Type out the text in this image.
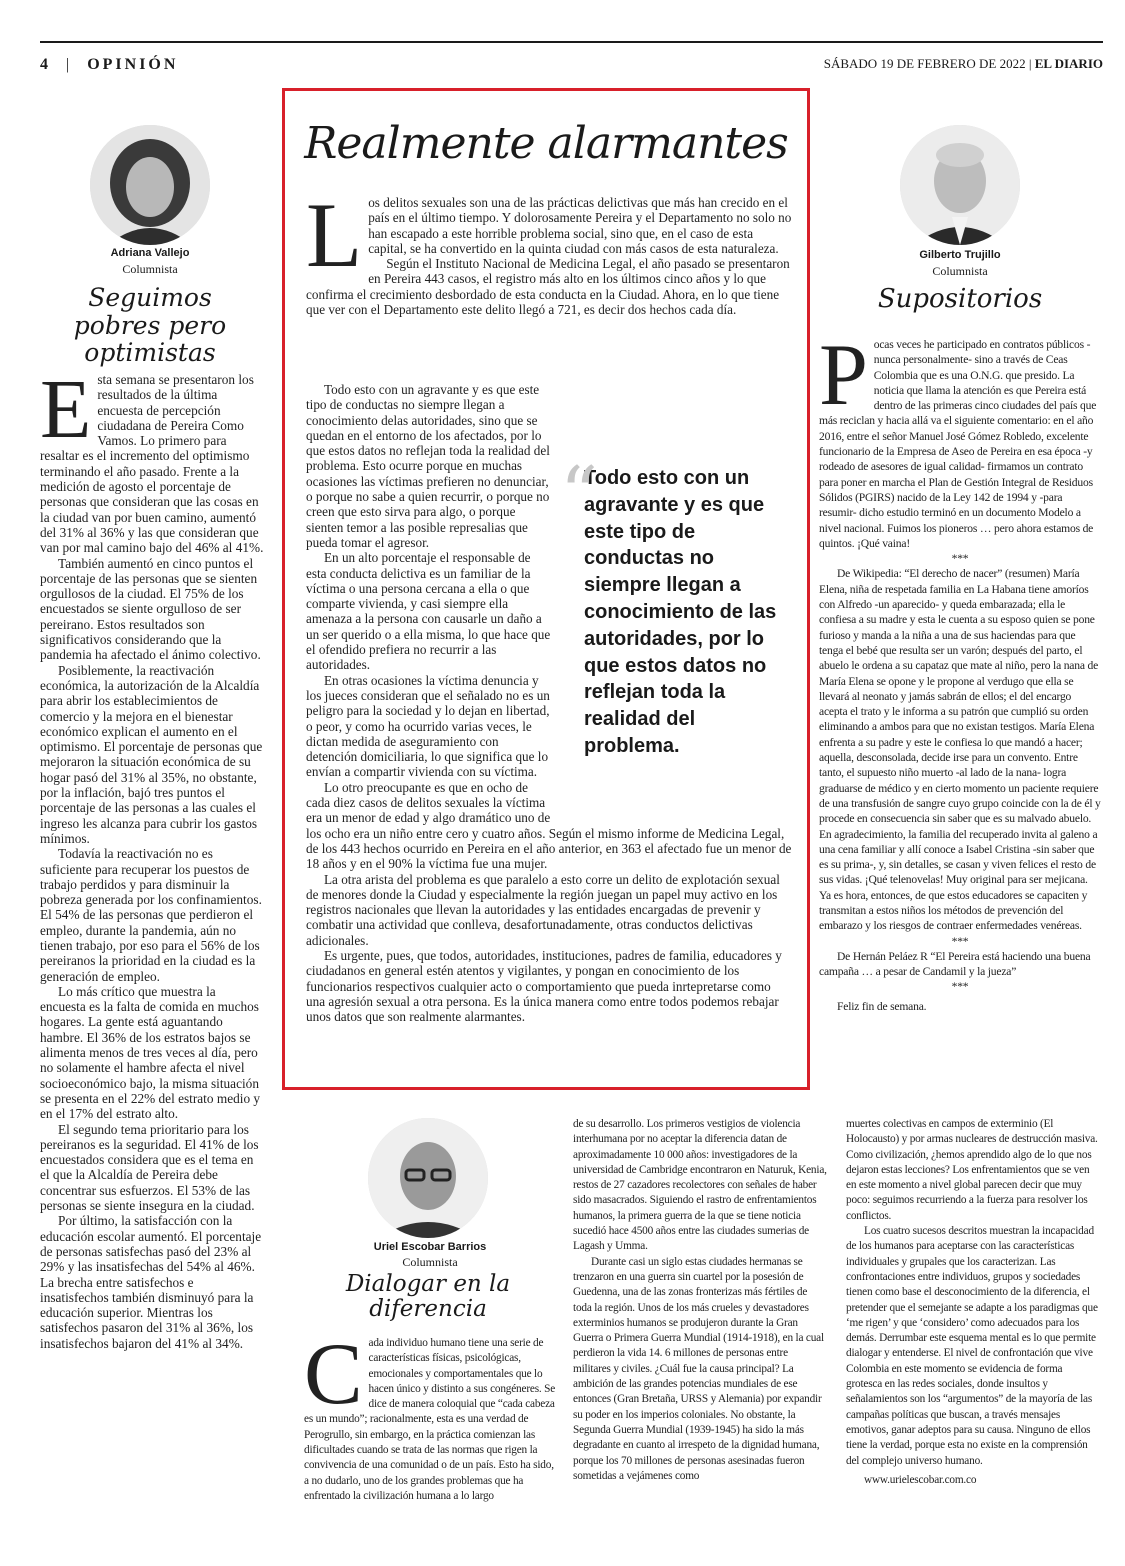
4 | OPINIÓN	SÁBADO 19 DE FEBRERO DE 2022 | EL DIARIO
Adriana Vallejo
Columnista
Seguimos pobres pero optimistas
E sta semana se presentaron los resultados de la última encuesta de percepción ciudadana de Pereira Como Vamos. Lo primero para resaltar es el incremento del optimismo terminando el año pasado. Frente a la medición de agosto el porcentaje de personas que consideran que las cosas en la ciudad van por buen camino, aumentó del 31% al 36% y las que consideran que van por mal camino bajo del 46% al 41%.

También aumentó en cinco puntos el porcentaje de las personas que se sienten orgullosos de la ciudad. El 75% de los encuestados se siente orgulloso de ser pereirano. Estos resultados son significativos considerando que la pandemia ha afectado el ánimo colectivo.

Posiblemente, la reactivación económica, la autorización de la Alcaldía para abrir los establecimientos de comercio y la mejora en el bienestar económico explican el aumento en el optimismo. El porcentaje de personas que mejoraron la situación económica de su hogar pasó del 31% al 35%, no obstante, por la inflación, bajó tres puntos el porcentaje de las personas a las cuales el ingreso les alcanza para cubrir los gastos mínimos.

Todavía la reactivación no es suficiente para recuperar los puestos de trabajo perdidos y para disminuir la pobreza generada por los confinamientos. El 54% de las personas que perdieron el empleo, durante la pandemia, aún no tienen trabajo, por eso para el 56% de los pereiranos la prioridad en la ciudad es la generación de empleo.

Lo más crítico que muestra la encuesta es la falta de comida en muchos hogares. La gente está aguantando hambre. El 36% de los estratos bajos se alimenta menos de tres veces al día, pero no solamente el hambre afecta el nivel socioeconómico bajo, la misma situación se presenta en el 22% del estrato medio y en el 17% del estrato alto.

El segundo tema prioritario para los pereiranos es la seguridad. El 41% de los encuestados considera que es el tema en el que la Alcaldía de Pereira debe concentrar sus esfuerzos. El 53% de las personas se siente insegura en la ciudad.

Por último, la satisfacción con la educación escolar aumentó. El porcentaje de personas satisfechas pasó del 23% al 29% y las insatisfechas del 54% al 46%. La brecha entre satisfechos e insatisfechos también disminuyó para la educación superior. Mientras los satisfechos pasaron del 31% al 36%, los insatisfechos bajaron del 41% al 34%.

Realmente alarmantes
L os delitos sexuales son una de las prácticas delictivas que más han crecido en el país en el último tiempo. Y dolorosamente Pereira y el Departamento no solo no han escapado a este horrible problema social, sino que, en el caso de esta capital, se ha convertido en la quinta ciudad con más casos de esta naturaleza.

Según el Instituto Nacional de Medicina Legal, el año pasado se presentaron en Pereira 443 casos, el registro más alto en los últimos cinco años y lo que confirma el crecimiento desbordado de esta conducta en la Ciudad. Ahora, en lo que tiene que ver con el Departamento este delito llegó a 721, es decir dos hechos cada día.

Todo esto con un agravante y es que este tipo de conductas no siempre llegan a conocimiento delas autoridades, sino que se quedan en el entorno de los afectados, por lo que estos datos no reflejan toda la realidad del problema. Esto ocurre porque en muchas ocasiones las víctimas prefieren no denunciar, o porque no sabe a quien recurrir, o porque no creen que esto sirva para algo, o porque sienten temor a las posible represalias que pueda tomar el agresor.

En un alto porcentaje el responsable de esta conducta delictiva es un familiar de la víctima o una persona cercana a ella o que comparte vivienda, y casi siempre ella amenaza a la persona con causarle un daño a un ser querido o a ella misma, lo que hace que el ofendido prefiera no recurrir a las autoridades.

En otras ocasiones la víctima denuncia y los jueces consideran que el señalado no es un peligro para la sociedad y lo dejan en libertad, o peor, y como ha ocurrido varias veces, le dictan medida de aseguramiento con detención domiciliaria, lo que significa que lo envían a compartir vivienda con su víctima.

Lo otro preocupante es que en ocho de cada diez casos de delitos sexuales la víctima era un menor de edad y algo dramático uno de los ocho era un niño entre cero y cuatro años. Según el mismo informe de Medicina Legal, de los 443 hechos ocurrido en Pereira en el año anterior, en 363 el afectado fue un menor de 18 años y en el 90% la víctima fue una mujer.

La otra arista del problema es que paralelo a esto corre un delito de explotación sexual de menores donde la Ciudad y especialmente la región juegan un papel muy activo en los registros nacionales que llevan la autoridades y las entidades encargadas de prevenir y combatir una actividad que conlleva, desafortunadamente, otras conductos delictivas adicionales.

Es urgente, pues, que todos, autoridades, instituciones, padres de familia, educadores y ciudadanos en general estén atentos y vigilantes, y pongan en conocimiento de los funcionarios respectivos cualquier acto o comportamiento que pueda inrtepretarse como una agresión sexual a otra persona. Es la única manera como entre todos podemos rebajar unos datos que son realmente alarmantes.

“
Todo esto con un agravante y es que este tipo de conductas no siempre llegan a conocimiento de las autoridades, por lo que estos datos no reflejan toda la realidad del problema.
Gilberto Trujillo
Columnista
Supositorios
P ocas veces he participado en contratos públicos -nunca personalmente- sino a través de Ceas Colombia que es una O.N.G. que presido. La noticia que llama la atención es que Pereira está dentro de las primeras cinco ciudades del país que más reciclan y hacia allá va el siguiente comentario: en el año 2016, entre el señor Manuel José Gómez Robledo, excelente funcionario de la Empresa de Aseo de Pereira en esa época -y rodeado de asesores de igual calidad- firmamos un contrato para poner en marcha el Plan de Gestión Integral de Residuos Sólidos (PGIRS) nacido de la Ley 142 de 1994 y -para resumir- dicho estudio terminó en un documento Modelo a nivel nacional. Fuimos los pioneros … pero ahora estamos de quintos. ¡Qué vaina!

***

De Wikipedia: “El derecho de nacer” (resumen) María Elena, niña de respetada familia en La Habana tiene amoríos con Alfredo -un aparecido- y queda embarazada; ella le confiesa a su madre y esta le cuenta a su esposo quien se pone furioso y manda a la niña a una de sus haciendas para que tenga el bebé que resulta ser un varón; después del parto, el abuelo le ordena a su capataz que mate al niño, pero la nana de María Elena se opone y le propone al verdugo que ella se llevará al neonato y jamás sabrán de ellos; el del encargo acepta el trato y le informa a su patrón que cumplió su orden eliminando a ambos para que no existan testigos. María Elena enfrenta a su padre y este le confiesa lo que mandó a hacer; aquella, desconsolada, decide irse para un convento. Entre tanto, el supuesto niño muerto -al lado de la nana- logra graduarse de médico y en cierto momento un paciente requiere de una transfusión de sangre cuyo grupo coincide con la de él y procede en consecuencia sin saber que es su malvado abuelo. En agradecimiento, la familia del recuperado invita al galeno a una cena familiar y allí conoce a Isabel Cristina -sin saber que es su prima-, y, sin detalles, se casan y viven felices el resto de sus vidas. ¡Qué telenovelas! Muy original para ser mejicana. Ya es hora, entonces, de que estos educadores se capaciten y transmitan a estos niños los métodos de prevención del embarazo y los riesgos de contraer enfermedades venéreas.

***

De Hernán Peláez R “El Pereira está haciendo una buena campaña … a pesar de Candamil y la jueza”

***

Feliz fin de semana.

Uriel Escobar Barrios
Columnista
Dialogar en la diferencia
C ada individuo humano tiene una serie de características físicas, psicológicas, emocionales y comportamentales que lo hacen único y distinto a sus congéneres. Se dice de manera coloquial que “cada cabeza es un mundo”; racionalmente, esta es una verdad de Perogrullo, sin embargo, en la práctica comienzan las dificultades cuando se trata de las normas que rigen la convivencia de una comunidad o de un país. Esto ha sido, a no dudarlo, uno de los grandes problemas que ha enfrentado la civilización humana a lo largo

de su desarrollo. Los primeros vestigios de violencia interhumana por no aceptar la diferencia datan de aproximadamente 10 000 años: investigadores de la universidad de Cambridge encontraron en Naturuk, Kenia, restos de 27 cazadores recolectores con señales de haber sido masacrados. Siguiendo el rastro de enfrentamientos humanos, la primera guerra de la que se tiene noticia sucedió hace 4500 años entre las ciudades sumerias de Lagash y Umma.

Durante casi un siglo estas ciudades hermanas se trenzaron en una guerra sin cuartel por la posesión de Guedenna, una de las zonas fronterizas más fértiles de toda la región. Unos de los más crueles y devastadores exterminios humanos se produjeron durante la Gran Guerra o Primera Guerra Mundial (1914-1918), en la cual perdieron la vida 14. 6 millones de personas entre militares y civiles. ¿Cuál fue la causa principal? La ambición de las grandes potencias mundiales de ese entonces (Gran Bretaña, URSS y Alemania) por expandir su poder en los imperios coloniales. No obstante, la Segunda Guerra Mundial (1939-1945) ha sido la más degradante en cuanto al irrespeto de la dignidad humana, porque los 70 millones de personas asesinadas fueron sometidas a vejámenes como

muertes colectivas en campos de exterminio (El Holocausto) y por armas nucleares de destrucción masiva. Como civilización, ¿hemos aprendido algo de lo que nos dejaron estas lecciones? Los enfrentamientos que se ven en este momento a nivel global parecen decir que muy poco: seguimos recurriendo a la fuerza para resolver los conflictos.

Los cuatro sucesos descritos muestran la incapacidad de los humanos para aceptarse con las características individuales y grupales que los caracterizan. Las confrontaciones entre individuos, grupos y sociedades tienen como base el desconocimiento de la diferencia, el pretender que el semejante se adapte a los paradigmas que ‘me rigen’ y que ‘considero’ como adecuados para los demás. Derrumbar este esquema mental es lo que permite dialogar y entenderse. El nivel de confrontación que vive Colombia en este momento se evidencia de forma grotesca en las redes sociales, donde insultos y señalamientos son los “argumentos” de la mayoría de las campañas políticas que buscan, a través mensajes emotivos, ganar adeptos para su causa. Ninguno de ellos tiene la verdad, porque esta no existe en la comprensión del complejo universo humano.

www.urielescobar.com.co
